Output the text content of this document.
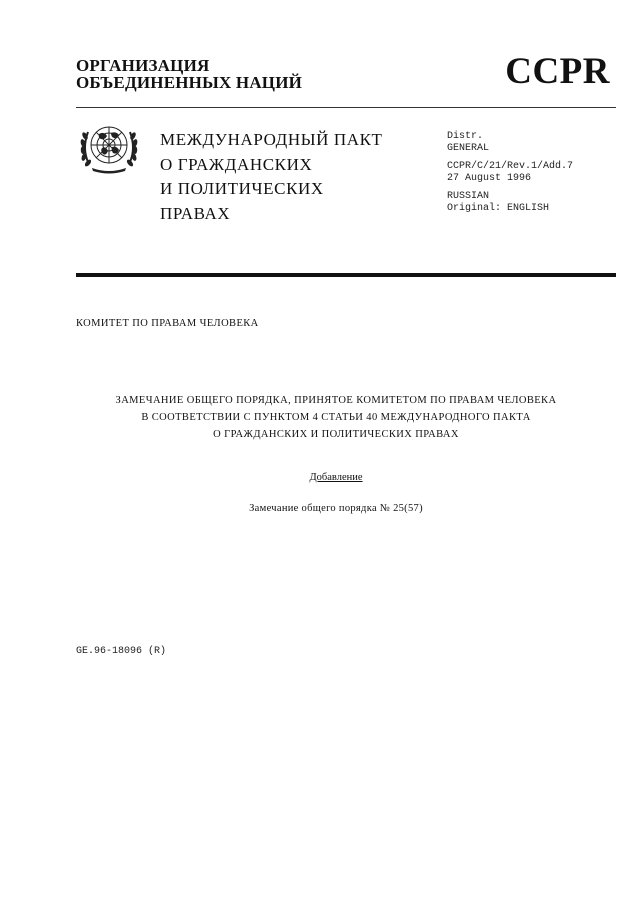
ОРГАНИЗАЦИЯ
ОБЪЕДИНЕННЫХ НАЦИЙ	CCPR
МЕЖДУНАРОДНЫЙ ПАКТ
О ГРАЖДАНСКИХ
И ПОЛИТИЧЕСКИХ
ПРАВАХ
Distr.
GENERAL
CCPR/C/21/Rev.1/Add.7
27 August 1996
RUSSIAN
Original: ENGLISH
КОМИТЕТ ПО ПРАВАМ ЧЕЛОВЕКА
ЗАМЕЧАНИЕ ОБЩЕГО ПОРЯДКА, ПРИНЯТОЕ КОМИТЕТОМ ПО ПРАВАМ ЧЕЛОВЕКА
В СООТВЕТСТВИИ С ПУНКТОМ 4 СТАТЬИ 40 МЕЖДУНАРОДНОГО ПАКТА
О ГРАЖДАНСКИХ И ПОЛИТИЧЕСКИХ ПРАВАХ
Добавление
Замечание общего порядка № 25(57)
GE.96-18096 (R)
